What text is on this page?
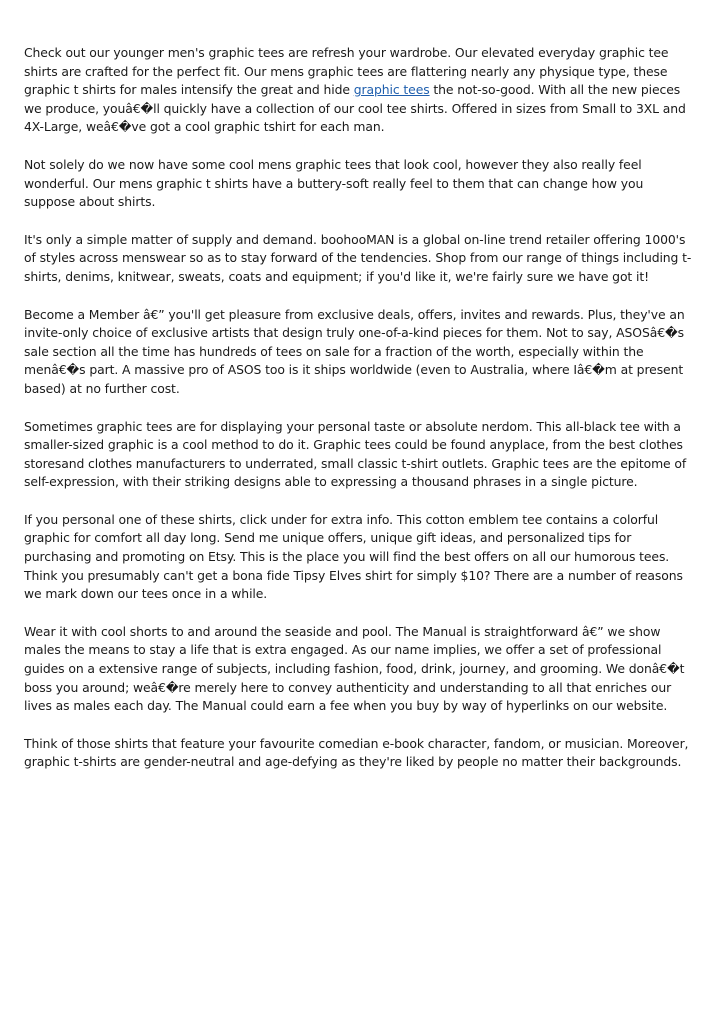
Check out our younger men's graphic tees are refresh your wardrobe. Our elevated everyday graphic tee shirts are crafted for the perfect fit. Our mens graphic tees are flattering nearly any physique type, these graphic t shirts for males intensify the great and hide graphic tees the not-so-good. With all the new pieces we produce, youâ€�ll quickly have a collection of our cool tee shirts. Offered in sizes from Small to 3XL and 4X-Large, weâ€�ve got a cool graphic tshirt for each man.

Not solely do we now have some cool mens graphic tees that look cool, however they also really feel wonderful. Our mens graphic t shirts have a buttery-soft really feel to them that can change how you suppose about shirts.

It's only a simple matter of supply and demand. boohooMAN is a global on-line trend retailer offering 1000's of styles across menswear so as to stay forward of the tendencies. Shop from our range of things including t-shirts, denims, knitwear, sweats, coats and equipment; if you'd like it, we're fairly sure we have got it!

Become a Member â€” you'll get pleasure from exclusive deals, offers, invites and rewards. Plus, they've an invite-only choice of exclusive artists that design truly one-of-a-kind pieces for them. Not to say, ASOSâ€�s sale section all the time has hundreds of tees on sale for a fraction of the worth, especially within the menâ€�s part. A massive pro of ASOS too is it ships worldwide (even to Australia, where Iâ€�m at present based) at no further cost.

Sometimes graphic tees are for displaying your personal taste or absolute nerdom. This all-black tee with a smaller-sized graphic is a cool method to do it. Graphic tees could be found anyplace, from the best clothes storesand clothes manufacturers to underrated, small classic t-shirt outlets. Graphic tees are the epitome of self-expression, with their striking designs able to expressing a thousand phrases in a single picture.

If you personal one of these shirts, click under for extra info. This cotton emblem tee contains a colorful graphic for comfort all day long. Send me unique offers, unique gift ideas, and personalized tips for purchasing and promoting on Etsy. This is the place you will find the best offers on all our humorous tees. Think you presumably can't get a bona fide Tipsy Elves shirt for simply $10? There are a number of reasons we mark down our tees once in a while.

Wear it with cool shorts to and around the seaside and pool. The Manual is straightforward â€” we show males the means to stay a life that is extra engaged. As our name implies, we offer a set of professional guides on a extensive range of subjects, including fashion, food, drink, journey, and grooming. We donâ€�t boss you around; weâ€�re merely here to convey authenticity and understanding to all that enriches our lives as males each day. The Manual could earn a fee when you buy by way of hyperlinks on our website.

Think of those shirts that feature your favourite comedian e-book character, fandom, or musician. Moreover, graphic t-shirts are gender-neutral and age-defying as they're liked by people no matter their backgrounds.
